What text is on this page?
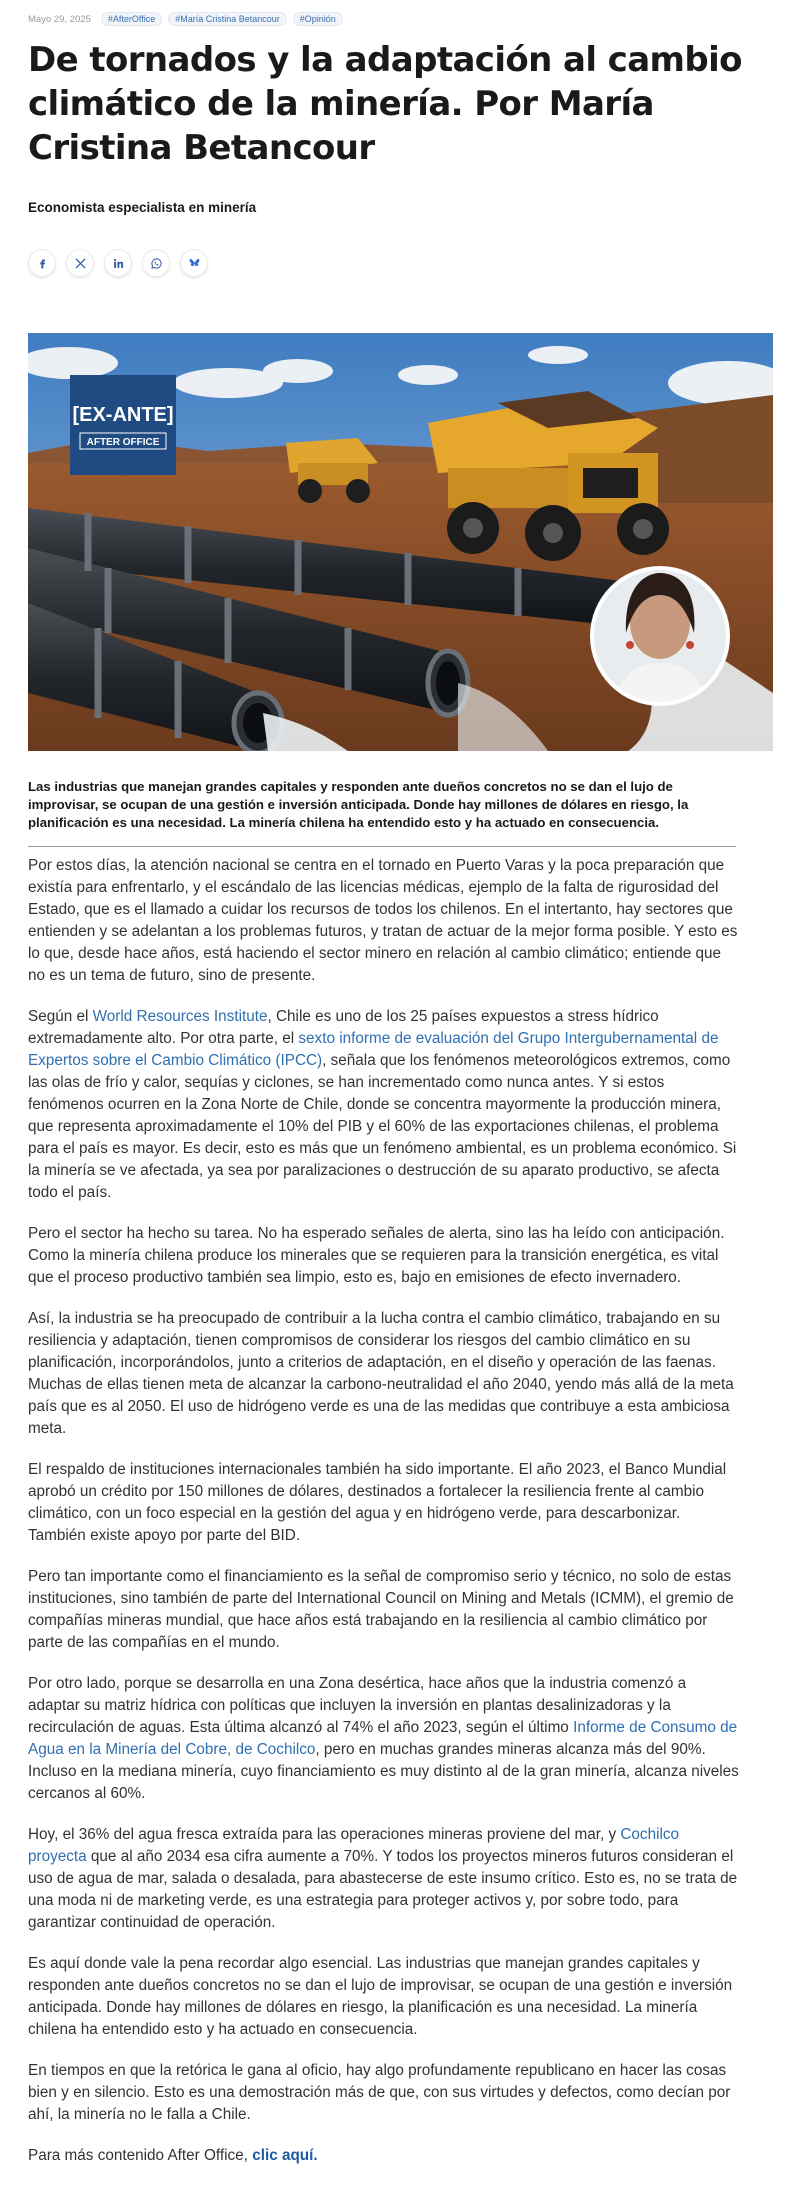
Mayo 29, 2025	#AfterOffice	#María Cristina Betancour	#Opinión
De tornados y la adaptación al cambio climático de la minería. Por María Cristina Betancour
Economista especialista en minería
[EX-ANTE]
AFTER OFFICE

Las industrias que manejan grandes capitales y responden ante dueños concretos no se dan el lujo de improvisar, se ocupan de una gestión e inversión anticipada. Donde hay millones de dólares en riesgo, la planificación es una necesidad. La minería chilena ha entendido esto y ha actuado en consecuencia.

Por estos días, la atención nacional se centra en el tornado en Puerto Varas y la poca preparación que existía para enfrentarlo, y el escándalo de las licencias médicas, ejemplo de la falta de rigurosidad del Estado, que es el llamado a cuidar los recursos de todos los chilenos. En el intertanto, hay sectores que entienden y se adelantan a los problemas futuros, y tratan de actuar de la mejor forma posible. Y esto es lo que, desde hace años, está haciendo el sector minero en relación al cambio climático; entiende que no es un tema de futuro, sino de presente.

Según el World Resources Institute, Chile es uno de los 25 países expuestos a stress hídrico extremadamente alto. Por otra parte, el sexto informe de evaluación del Grupo Intergubernamental de Expertos sobre el Cambio Climático (IPCC), señala que los fenómenos meteorológicos extremos, como las olas de frío y calor, sequías y ciclones, se han incrementado como nunca antes. Y si estos fenómenos ocurren en la Zona Norte de Chile, donde se concentra mayormente la producción minera, que representa aproximadamente el 10% del PIB y el 60% de las exportaciones chilenas, el problema para el país es mayor. Es decir, esto es más que un fenómeno ambiental, es un problema económico. Si la minería se ve afectada, ya sea por paralizaciones o destrucción de su aparato productivo, se afecta todo el país.

Pero el sector ha hecho su tarea. No ha esperado señales de alerta, sino las ha leído con anticipación. Como la minería chilena produce los minerales que se requieren para la transición energética, es vital que el proceso productivo también sea limpio, esto es, bajo en emisiones de efecto invernadero.

Así, la industria se ha preocupado de contribuir a la lucha contra el cambio climático, trabajando en su resiliencia y adaptación, tienen compromisos de considerar los riesgos del cambio climático en su planificación, incorporándolos, junto a criterios de adaptación, en el diseño y operación de las faenas. Muchas de ellas tienen meta de alcanzar la carbono-neutralidad el año 2040, yendo más allá de la meta país que es al 2050. El uso de hidrógeno verde es una de las medidas que contribuye a esta ambiciosa meta.

El respaldo de instituciones internacionales también ha sido importante. El año 2023, el Banco Mundial aprobó un crédito por 150 millones de dólares, destinados a fortalecer la resiliencia frente al cambio climático, con un foco especial en la gestión del agua y en hidrógeno verde, para descarbonizar. También existe apoyo por parte del BID.

Pero tan importante como el financiamiento es la señal de compromiso serio y técnico, no solo de estas instituciones, sino también de parte del International Council on Mining and Metals (ICMM), el gremio de compañías mineras mundial, que hace años está trabajando en la resiliencia al cambio climático por parte de las compañías en el mundo.

Por otro lado, porque se desarrolla en una Zona desértica, hace años que la industria comenzó a adaptar su matriz hídrica con políticas que incluyen la inversión en plantas desalinizadoras y la recirculación de aguas. Esta última alcanzó al 74% el año 2023, según el último Informe de Consumo de Agua en la Minería del Cobre, de Cochilco, pero en muchas grandes mineras alcanza más del 90%. Incluso en la mediana minería, cuyo financiamiento es muy distinto al de la gran minería, alcanza niveles cercanos al 60%.

Hoy, el 36% del agua fresca extraída para las operaciones mineras proviene del mar, y Cochilco proyecta que al año 2034 esa cifra aumente a 70%. Y todos los proyectos mineros futuros consideran el uso de agua de mar, salada o desalada, para abastecerse de este insumo crítico. Esto es, no se trata de una moda ni de marketing verde, es una estrategia para proteger activos y, por sobre todo, para garantizar continuidad de operación.

Es aquí donde vale la pena recordar algo esencial. Las industrias que manejan grandes capitales y responden ante dueños concretos no se dan el lujo de improvisar, se ocupan de una gestión e inversión anticipada. Donde hay millones de dólares en riesgo, la planificación es una necesidad. La minería chilena ha entendido esto y ha actuado en consecuencia.

En tiempos en que la retórica le gana al oficio, hay algo profundamente republicano en hacer las cosas bien y en silencio. Esto es una demostración más de que, con sus virtudes y defectos, como decían por ahí, la minería no le falla a Chile.

Para más contenido After Office, clic aquí.
